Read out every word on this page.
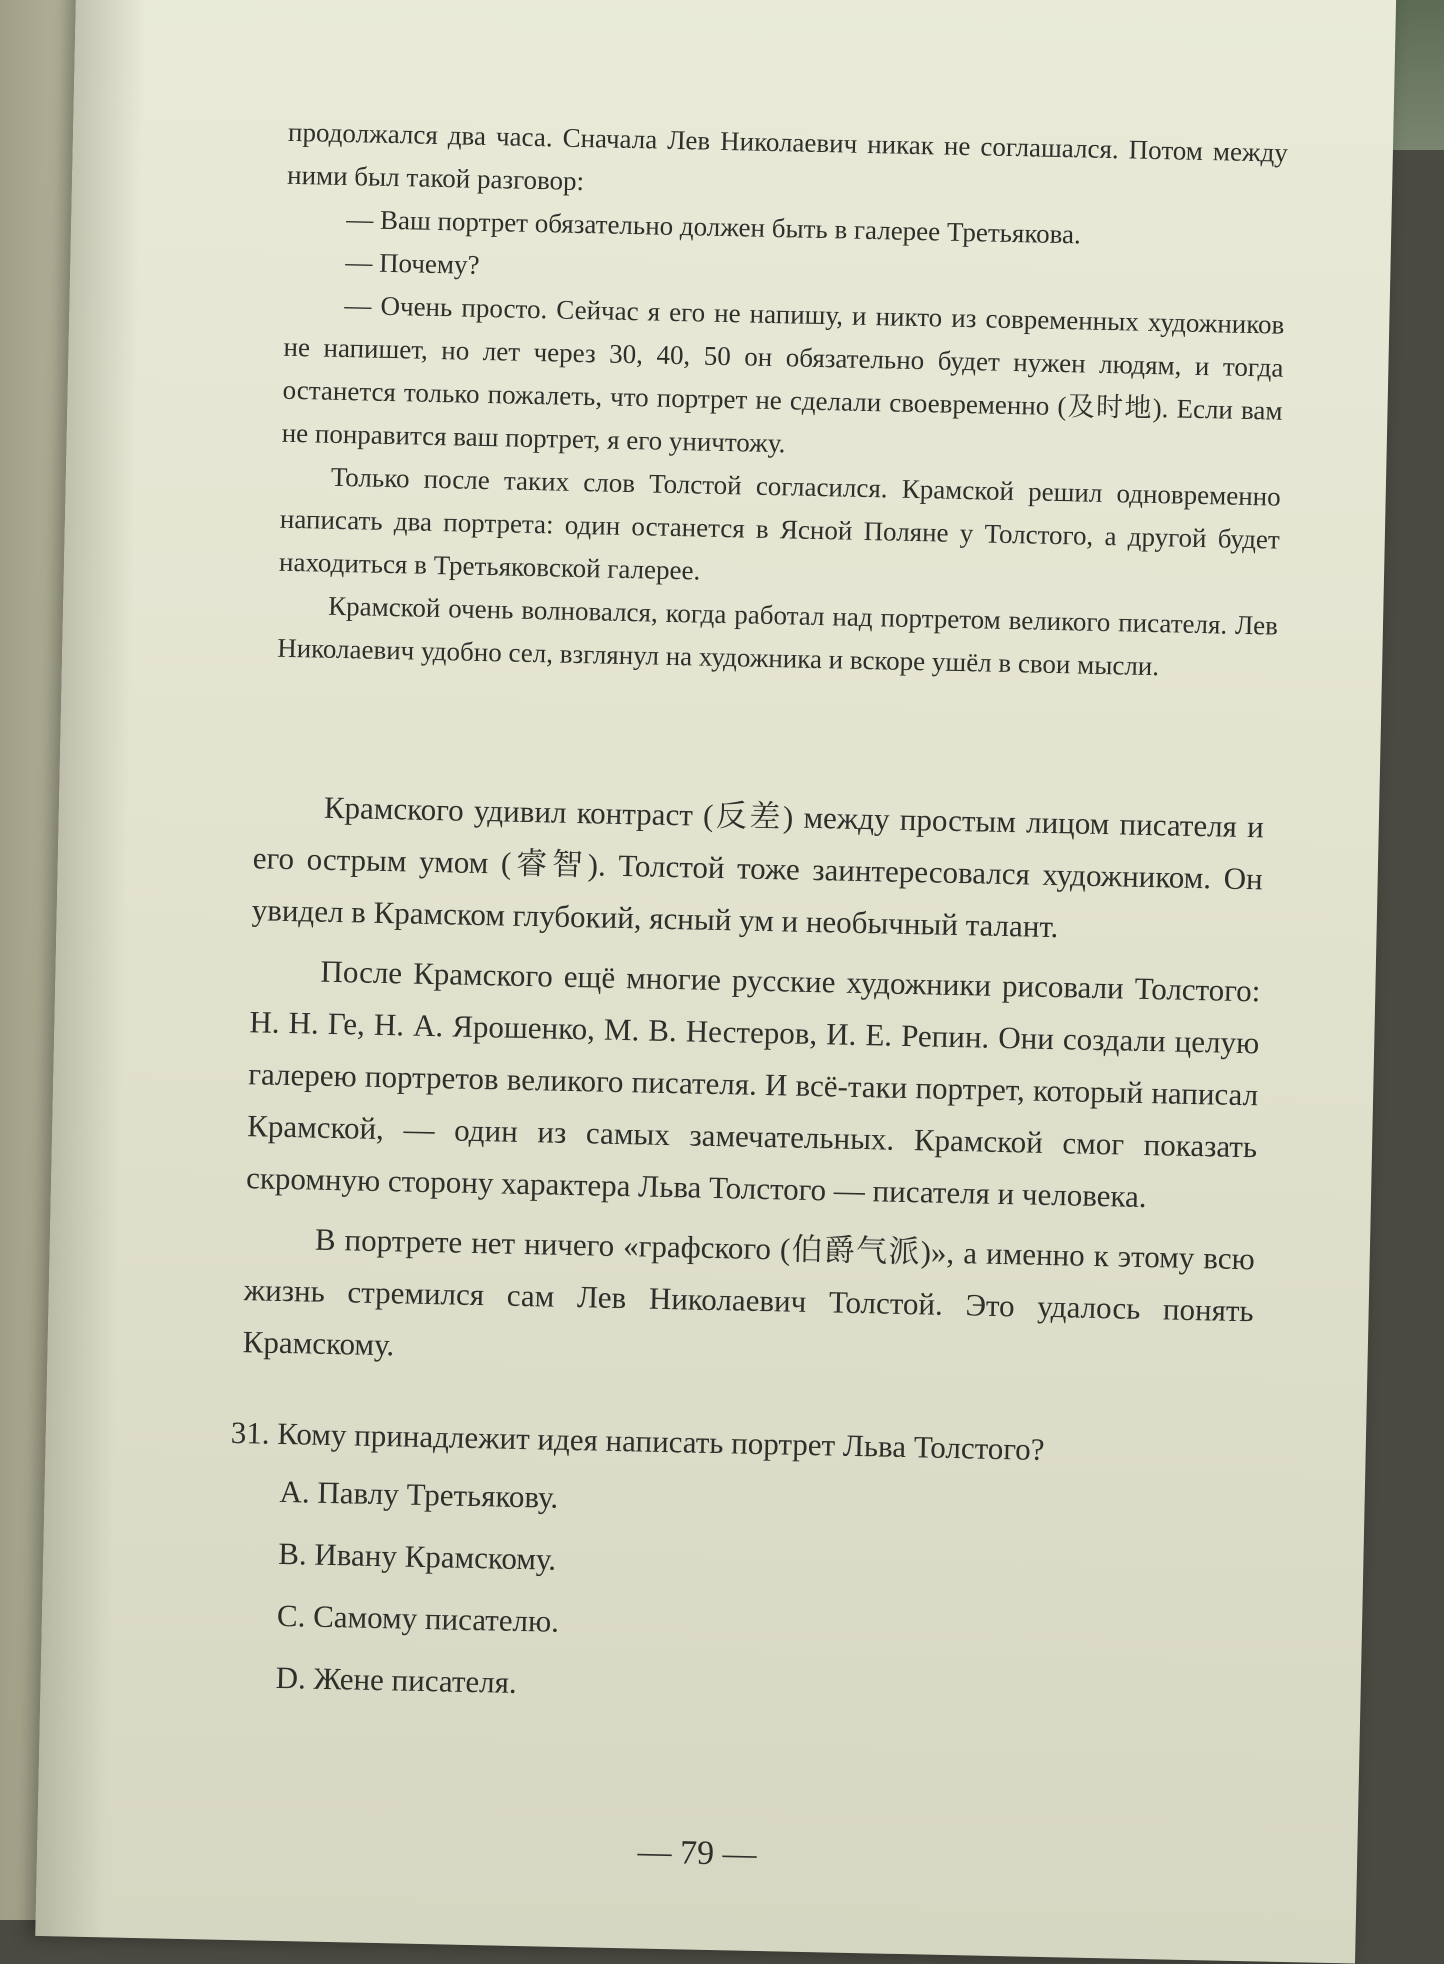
продолжался два часа. Сначала Лев Николаевич никак не соглашался. Потом между ними был такой разговор:

— Ваш портрет обязательно должен быть в галерее Третьякова.

— Почему?

— Очень просто. Сейчас я его не напишу, и никто из современных художников не напишет, но лет через 30, 40, 50 он обязательно будет нужен людям, и тогда останется только пожалеть, что портрет не сделали своевременно (及时地). Если вам не понравится ваш портрет, я его уничтожу.

Только после таких слов Толстой согласился. Крамской решил одновременно написать два портрета: один останется в Ясной Поляне у Толстого, а другой будет находиться в Третьяковской галерее.

Крамской очень волновался, когда работал над портретом великого писателя. Лев Николаевич удобно сел, взглянул на художника и вскоре ушёл в свои мысли.

Крамского удивил контраст (反差) между простым лицом писателя и его острым умом (睿智). Толстой тоже заинтересовался художником. Он увидел в Крамском глубокий, ясный ум и необычный талант.

После Крамского ещё многие русские художники рисовали Толстого: Н. Н. Ге, Н. А. Ярошенко, М. В. Нестеров, И. Е. Репин. Они создали целую галерею портретов великого писателя. И всё-таки портрет, который написал Крамской, — один из самых замечательных. Крамской смог показать скромную сторону характера Льва Толстого — писателя и человека.

В портрете нет ничего «графского (伯爵气派)», а именно к этому всю жизнь стремился сам Лев Николаевич Толстой. Это удалось понять Крамскому.

31. Кому принадлежит идея написать портрет Льва Толстого?

A. Павлу Третьякову.
B. Ивану Крамскому.
C. Самому писателю.
D. Жене писателя.
— 79 —
